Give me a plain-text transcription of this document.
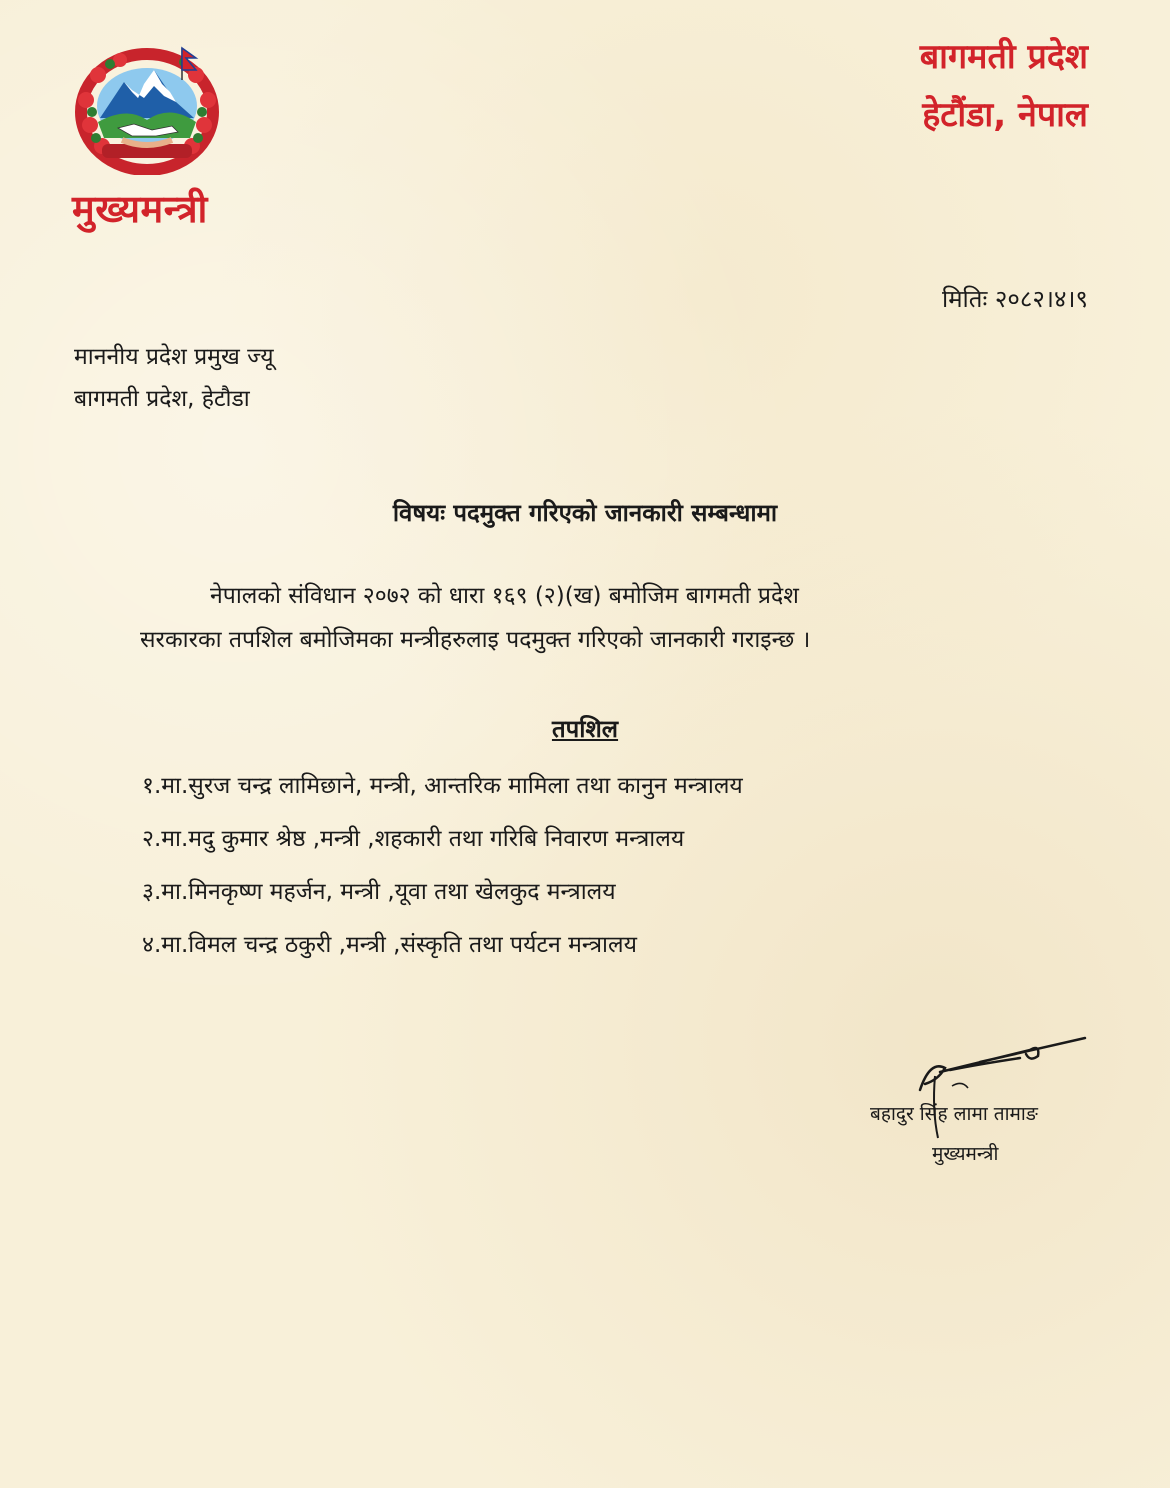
मुख्यमन्त्री
बागमती प्रदेश
हेटौंडा, नेपाल
मितिः २०८२।४।९
माननीय प्रदेश प्रमुख ज्यू
बागमती प्रदेश, हेटौडा
विषयः पदमुक्त गरिएको जानकारी सम्बन्धामा
नेपालको संविधान २०७२ को धारा १६९ (२)(ख) बमोजिम बागमती प्रदेश
सरकारका तपशिल बमोजिमका मन्त्रीहरुलाइ पदमुक्त गरिएको जानकारी गराइन्छ ।
तपशिल
१.मा.सुरज चन्द्र लामिछाने, मन्त्री, आन्तरिक मामिला तथा कानुन मन्त्रालय
२.मा.मदु कुमार श्रेष्ठ ,मन्त्री ,शहकारी तथा गरिबि निवारण मन्त्रालय
३.मा.मिनकृष्ण महर्जन, मन्त्री ,यूवा तथा खेलकुद मन्त्रालय
४.मा.विमल चन्द्र ठकुरी ,मन्त्री ,संस्कृति तथा पर्यटन मन्त्रालय
बहादुर सिंह लामा तामाङ
मुख्यमन्त्री
